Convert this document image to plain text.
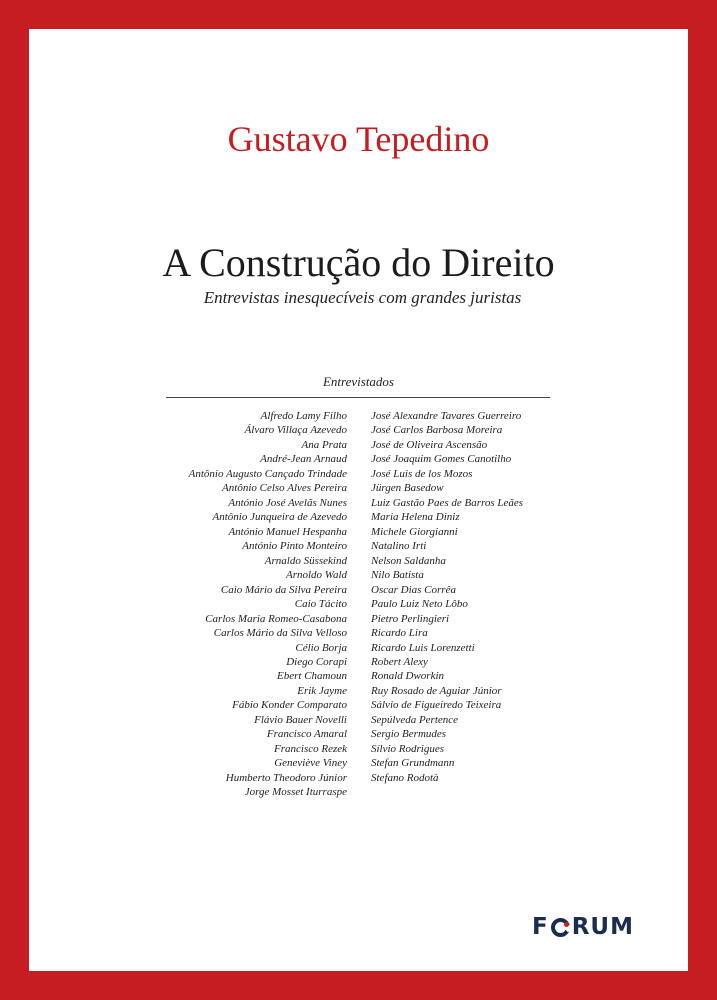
Gustavo Tepedino
A Construção do Direito
Entrevistas inesquecíveis com grandes juristas
Entrevistados
Alfredo Lamy Filho
Álvaro Villaça Azevedo
Ana Prata
André-Jean Arnaud
Antônio Augusto Cançado Trindade
Antônio Celso Alves Pereira
António José Avelãs Nunes
Antônio Junqueira de Azevedo
António Manuel Hespanha
António Pinto Monteiro
Arnaldo Süssekind
Arnoldo Wald
Caio Mário da Silva Pereira
Caio Tácito
Carlos Maria Romeo-Casabona
Carlos Mário da Silva Velloso
Célio Borja
Diego Corapi
Ebert Chamoun
Erik Jayme
Fábio Konder Comparato
Flávio Bauer Novelli
Francisco Amaral
Francisco Rezek
Geneviève Viney
Humberto Theodoro Júnior
Jorge Mosset Iturraspe
José Alexandre Tavares Guerreiro
José Carlos Barbosa Moreira
José de Oliveira Ascensão
José Joaquim Gomes Canotilho
José Luis de los Mozos
Jürgen Basedow
Luiz Gastão Paes de Barros Leães
Maria Helena Diniz
Michele Giorgianni
Natalino Irti
Nelson Saldanha
Nilo Batista
Oscar Dias Corrêa
Paulo Luiz Neto Lôbo
Pietro Perlingieri
Ricardo Lira
Ricardo Luis Lorenzetti
Robert Alexy
Ronald Dworkin
Ruy Rosado de Aguiar Júnior
Sálvio de Figueiredo Teixeira
Sepúlveda Pertence
Sergio Bermudes
Sílvio Rodrigues
Stefan Grundmann
Stefano Rodotà
F RUM
